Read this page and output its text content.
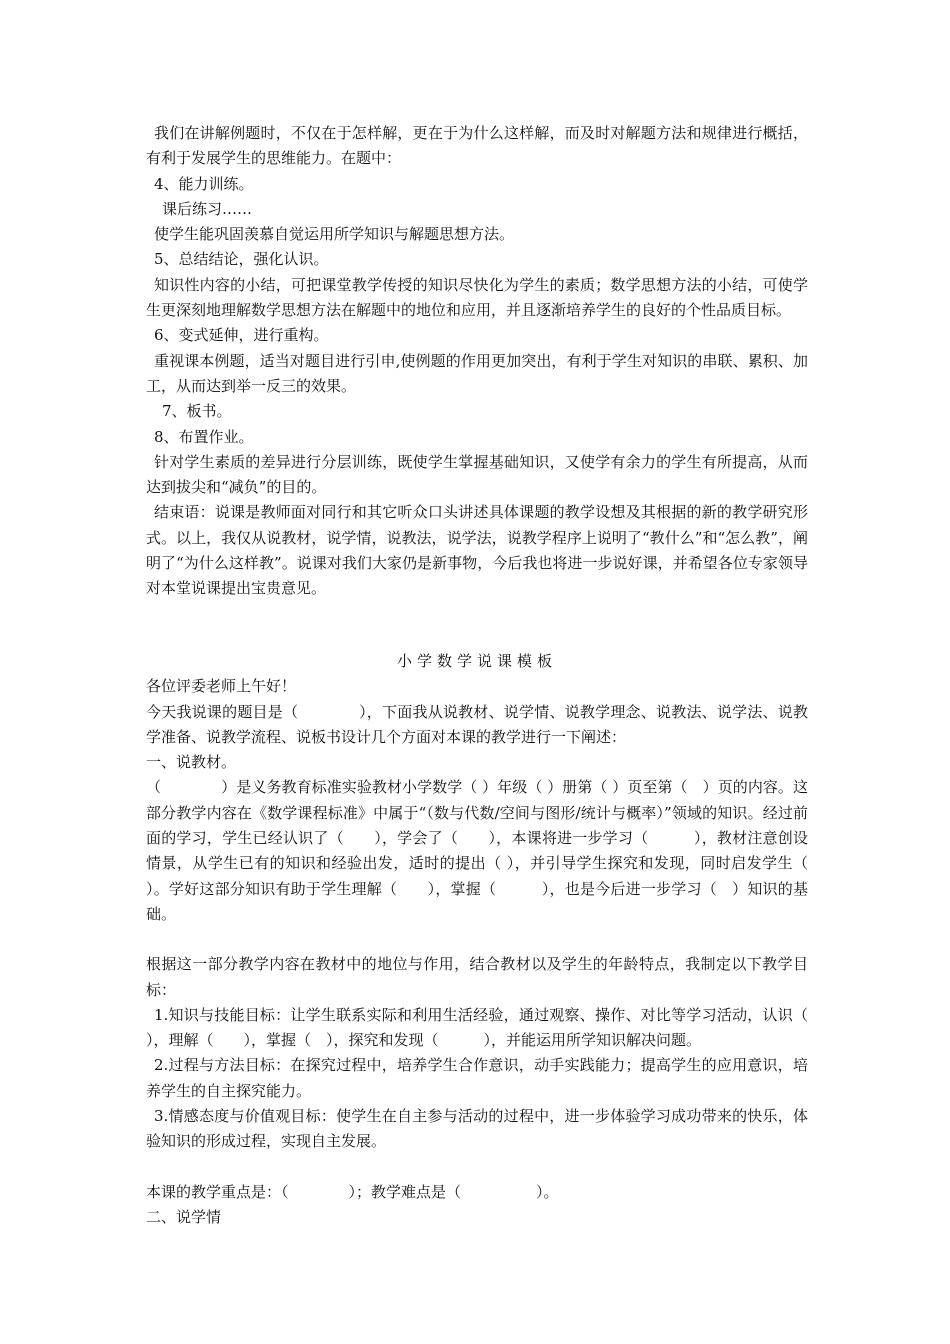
我们在讲解例题时，不仅在于怎样解，更在于为什么这样解，而及时对解题方法和规律进行概括，有利于发展学生的思维能力。在题中：

4、能力训练。

课后练习……

使学生能巩固羡慕自觉运用所学知识与解题思想方法。

5、总结结论，强化认识。

知识性内容的小结，可把课堂教学传授的知识尽快化为学生的素质；数学思想方法的小结，可使学生更深刻地理解数学思想方法在解题中的地位和应用，并且逐渐培养学生的良好的个性品质目标。

6、变式延伸，进行重构。

重视课本例题，适当对题目进行引申,使例题的作用更加突出，有利于学生对知识的串联、累积、加工，从而达到举一反三的效果。

7、板书。

8、布置作业。

针对学生素质的差异进行分层训练，既使学生掌握基础知识，又使学有余力的学生有所提高，从而达到拔尖和“减负”的目的。

结束语：说课是教师面对同行和其它听众口头讲述具体课题的教学设想及其根据的新的教学研究形式。以上，我仅从说教材，说学情，说教法，说学法，说教学程序上说明了“教什么”和“怎么教”，阐明了“为什么这样教”。说课对我们大家仍是新事物，今后我也将进一步说好课，并希望各位专家领导对本堂说课提出宝贵意见。

小学数学说课模板

各位评委老师上午好！

今天我说课的题目是（　　　　），下面我从说教材、说学情、说教学理念、说教法、说学法、说教学准备、说教学流程、说板书设计几个方面对本课的教学进行一下阐述：

一、说教材。

（　　　　）是义务教育标准实验教材小学数学（ ）年级（ ）册第（ ）页至第（　）页的内容。这部分教学内容在《数学课程标准》中属于“（数与代数/空间与图形/统计与概率）”领域的知识。经过前面的学习，学生已经认识了（　　），学会了（　　），本课将进一步学习（　　　），教材注意创设情景，从学生已有的知识和经验出发，适时的提出（ ），并引导学生探究和发现，同时启发学生（ ）。学好这部分知识有助于学生理解（　　），掌握（　　　），也是今后进一步学习（　）知识的基础。

根据这一部分教学内容在教材中的地位与作用，结合教材以及学生的年龄特点，我制定以下教学目标：

1.知识与技能目标：让学生联系实际和利用生活经验，通过观察、操作、对比等学习活动，认识（　　），理解（　　），掌握（　），探究和发现（　　　），并能运用所学知识解决问题。

2.过程与方法目标：在探究过程中，培养学生合作意识，动手实践能力；提高学生的应用意识，培养学生的自主探究能力。

3.情感态度与价值观目标：使学生在自主参与活动的过程中，进一步体验学习成功带来的快乐，体验知识的形成过程，实现自主发展。

本课的教学重点是：（　　　　）；教学难点是（　　　　　）。

二、说学情
